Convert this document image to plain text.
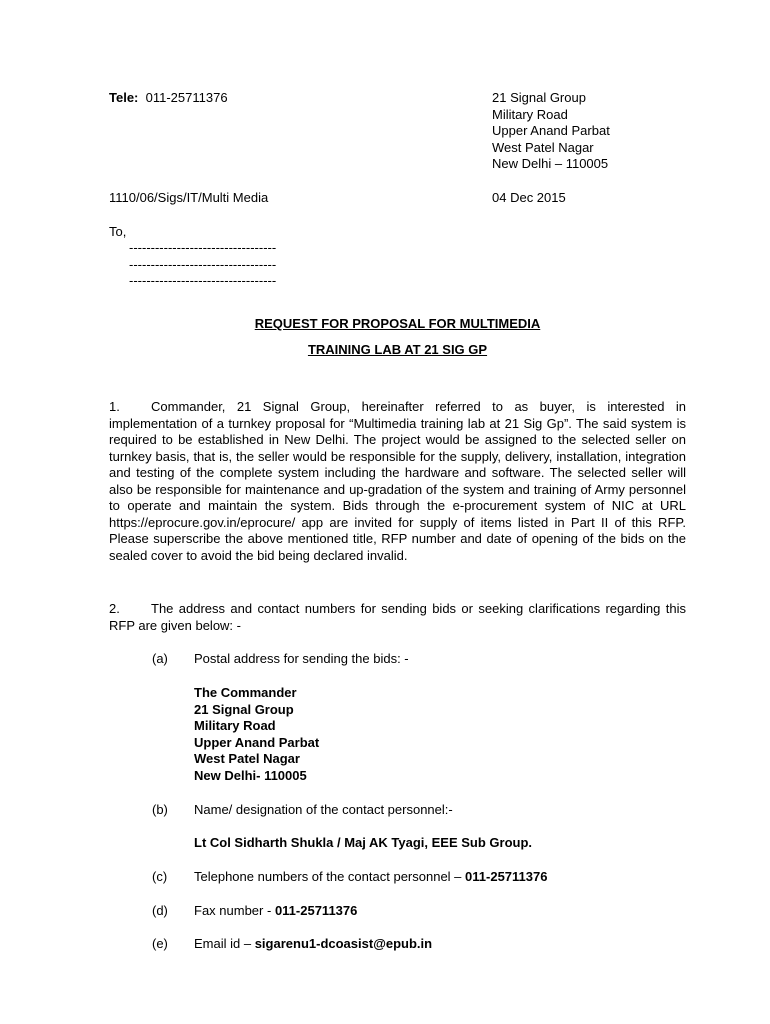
Tele: 011-25711376	21 Signal Group
Military Road
Upper Anand Parbat
West Patel Nagar
New Delhi – 110005
1110/06/Sigs/IT/Multi Media	04 Dec 2015
To,
----------------------------------
----------------------------------
----------------------------------
REQUEST FOR PROPOSAL FOR MULTIMEDIA
TRAINING LAB AT 21 SIG GP
1.	Commander, 21 Signal Group, hereinafter referred to as buyer, is interested in implementation of a turnkey proposal for “Multimedia training lab at 21 Sig Gp”. The said system is required to be established in New Delhi. The project would be assigned to the selected seller on turnkey basis, that is, the seller would be responsible for the supply, delivery, installation, integration and testing of the complete system including the hardware and software. The selected seller will also be responsible for maintenance and up-gradation of the system and training of Army personnel to operate and maintain the system. Bids through the e-procurement system of NIC at URL https://eprocure.gov.in/eprocure/ app are invited for supply of items listed in Part II of this RFP. Please superscribe the above mentioned title, RFP number and date of opening of the bids on the sealed cover to avoid the bid being declared invalid.
2.	The address and contact numbers for sending bids or seeking clarifications regarding this RFP are given below: -
(a) Postal address for sending the bids: -
The Commander
21 Signal Group
Military Road
Upper Anand Parbat
West Patel Nagar
New Delhi- 110005
(b) Name/ designation of the contact personnel:-
Lt Col Sidharth Shukla / Maj AK Tyagi, EEE Sub Group.
(c) Telephone numbers of the contact personnel – 011-25711376
(d) Fax number - 011-25711376
(e) Email id – sigarenu1-dcoasist@epub.in
